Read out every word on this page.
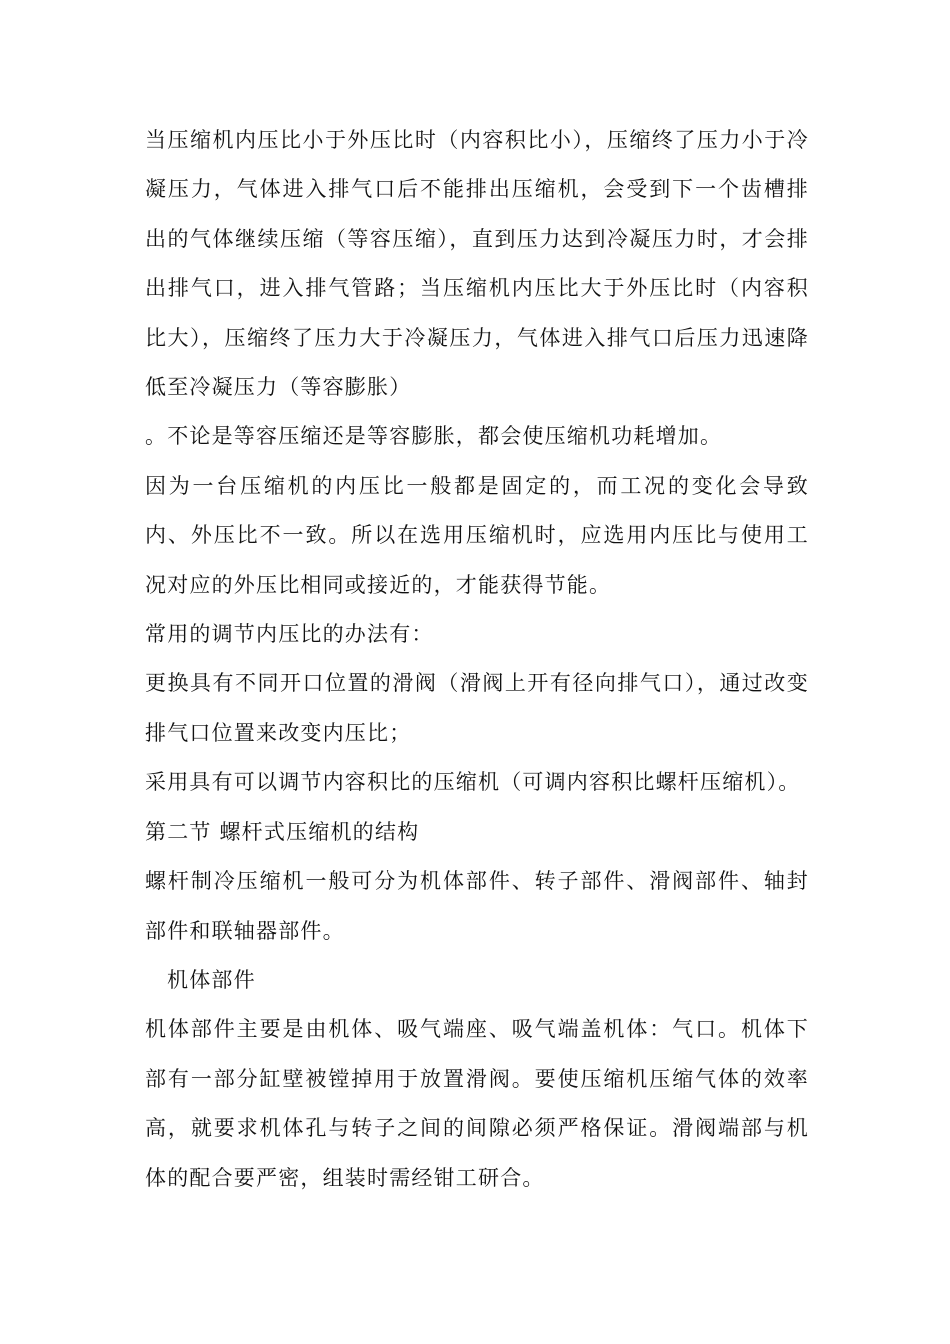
当压缩机内压比小于外压比时（内容积比小），压缩终了压力小于冷凝压力，气体进入排气口后不能排出压缩机，会受到下一个齿槽排出的气体继续压缩（等容压缩），直到压力达到冷凝压力时，才会排出排气口，进入排气管路；当压缩机内压比大于外压比时（内容积比大），压缩终了压力大于冷凝压力，气体进入排气口后压力迅速降低至冷凝压力（等容膨胀）

。不论是等容压缩还是等容膨胀，都会使压缩机功耗增加。

因为一台压缩机的内压比一般都是固定的，而工况的变化会导致内、外压比不一致。所以在选用压缩机时，应选用内压比与使用工况对应的外压比相同或接近的，才能获得节能。

常用的调节内压比的办法有：

更换具有不同开口位置的滑阀（滑阀上开有径向排气口），通过改变排气口位置来改变内压比；

采用具有可以调节内容积比的压缩机（可调内容积比螺杆压缩机）。

第二节 螺杆式压缩机的结构

螺杆制冷压缩机一般可分为机体部件、转子部件、滑阀部件、轴封部件和联轴器部件。

机体部件

机体部件主要是由机体、吸气端座、吸气端盖机体：气口。机体下部有一部分缸壁被镗掉用于放置滑阀。要使压缩机压缩气体的效率高，就要求机体孔与转子之间的间隙必须严格保证。滑阀端部与机体的配合要严密，组装时需经钳工研合。
